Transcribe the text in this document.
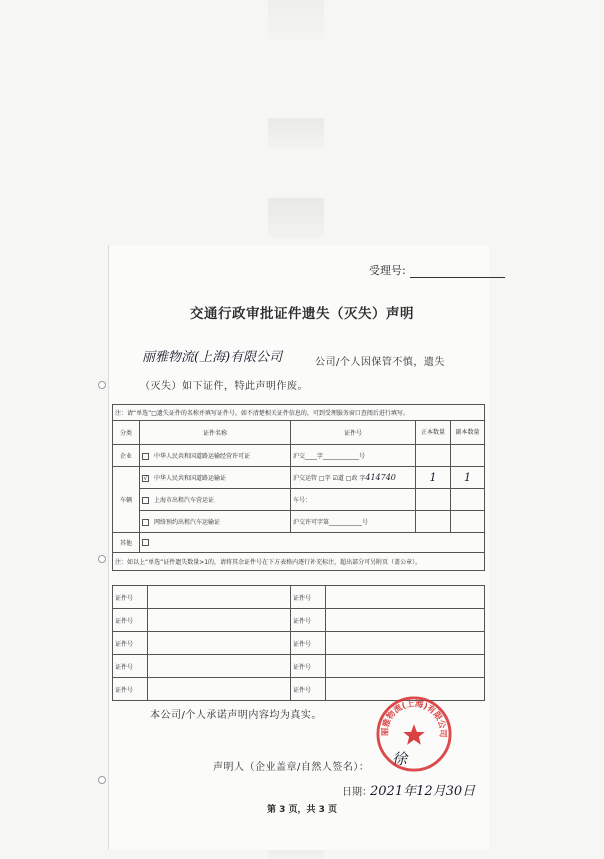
受理号:
交通行政审批证件遗失（灭失）声明
丽雅物流(上海)有限公司	公司/个人因保管不慎，遗失
（灭失）如下证件，特此声明作废。
注：请“单选”□遗失证件的名称并填写证件号。如不清楚相关证件信息的，可到受理服务窗口查阅后进行填写。				
分类	证件名称	证件号	正本数量	副本数量
企业	中华人民共和国道路运输经营许可证	沪交____字____________号		
车辆	√ 中华人民共和国道路运输证	沪交运管 □字 ☑道 □政 字414740	1	1
	上海市出租汽车营运证	车号：		
	网络预约出租汽车运输证	沪交许可字第___________号		
其他				
注：如以上“单选”证件遗失数量>1的，请将其余证件号在下方表格内逐行补充标注，超出部分可另附页（盖公章）。				
证件号		证件号	
证件号		证件号	
证件号		证件号	
证件号		证件号	
证件号		证件号	
本公司/个人承诺声明内容均为真实。
声明人（企业盖章/自然人签名）： 徐
日期：
2021年12月30日
第 3 页，共 3 页
丽雅物流(上海)有限公司
